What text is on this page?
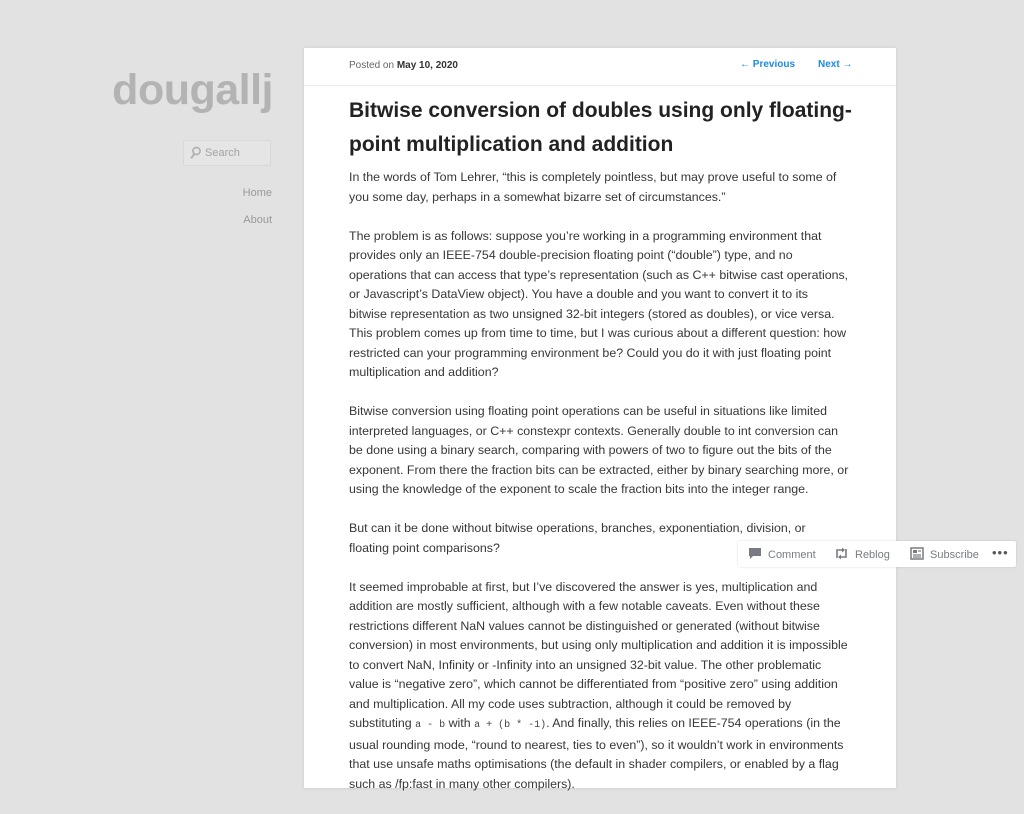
dougallj
Search
Home
About
Posted on May 10, 2020	← Previous Next →
Bitwise conversion of doubles using only floating-point multiplication and addition

In the words of Tom Lehrer, “this is completely pointless, but may prove useful to some of you some day, perhaps in a somewhat bizarre set of circumstances.”

The problem is as follows: suppose you’re working in a programming environment that provides only an IEEE-754 double-precision floating point (“double”) type, and no operations that can access that type’s representation (such as C++ bitwise cast operations, or Javascript’s DataView object). You have a double and you want to convert it to its bitwise representation as two unsigned 32-bit integers (stored as doubles), or vice versa. This problem comes up from time to time, but I was curious about a different question: how restricted can your programming environment be? Could you do it with just floating point multiplication and addition?

Bitwise conversion using floating point operations can be useful in situations like limited interpreted languages, or C++ constexpr contexts. Generally double to int conversion can be done using a binary search, comparing with powers of two to figure out the bits of the exponent. From there the fraction bits can be extracted, either by binary searching more, or using the knowledge of the exponent to scale the fraction bits into the integer range.

But can it be done without bitwise operations, branches, exponentiation, division, or floating point comparisons?

It seemed improbable at first, but I’ve discovered the answer is yes, multiplication and addition are mostly sufficient, although with a few notable caveats. Even without these restrictions different NaN values cannot be distinguished or generated (without bitwise conversion) in most environments, but using only multiplication and addition it is impossible to convert NaN, Infinity or -Infinity into an unsigned 32-bit value. The other problematic value is “negative zero”, which cannot be differentiated from “positive zero” using addition and multiplication. All my code uses subtraction, although it could be removed by substituting a - b with a + (b * -1). And finally, this relies on IEEE-754 operations (in the usual rounding mode, “round to nearest, ties to even”), so it wouldn’t work in environments that use unsafe maths optimisations (the default in shader compilers, or enabled by a flag such as /fp:fast in many other compilers).

Comment	Reblog	Subscribe •••
